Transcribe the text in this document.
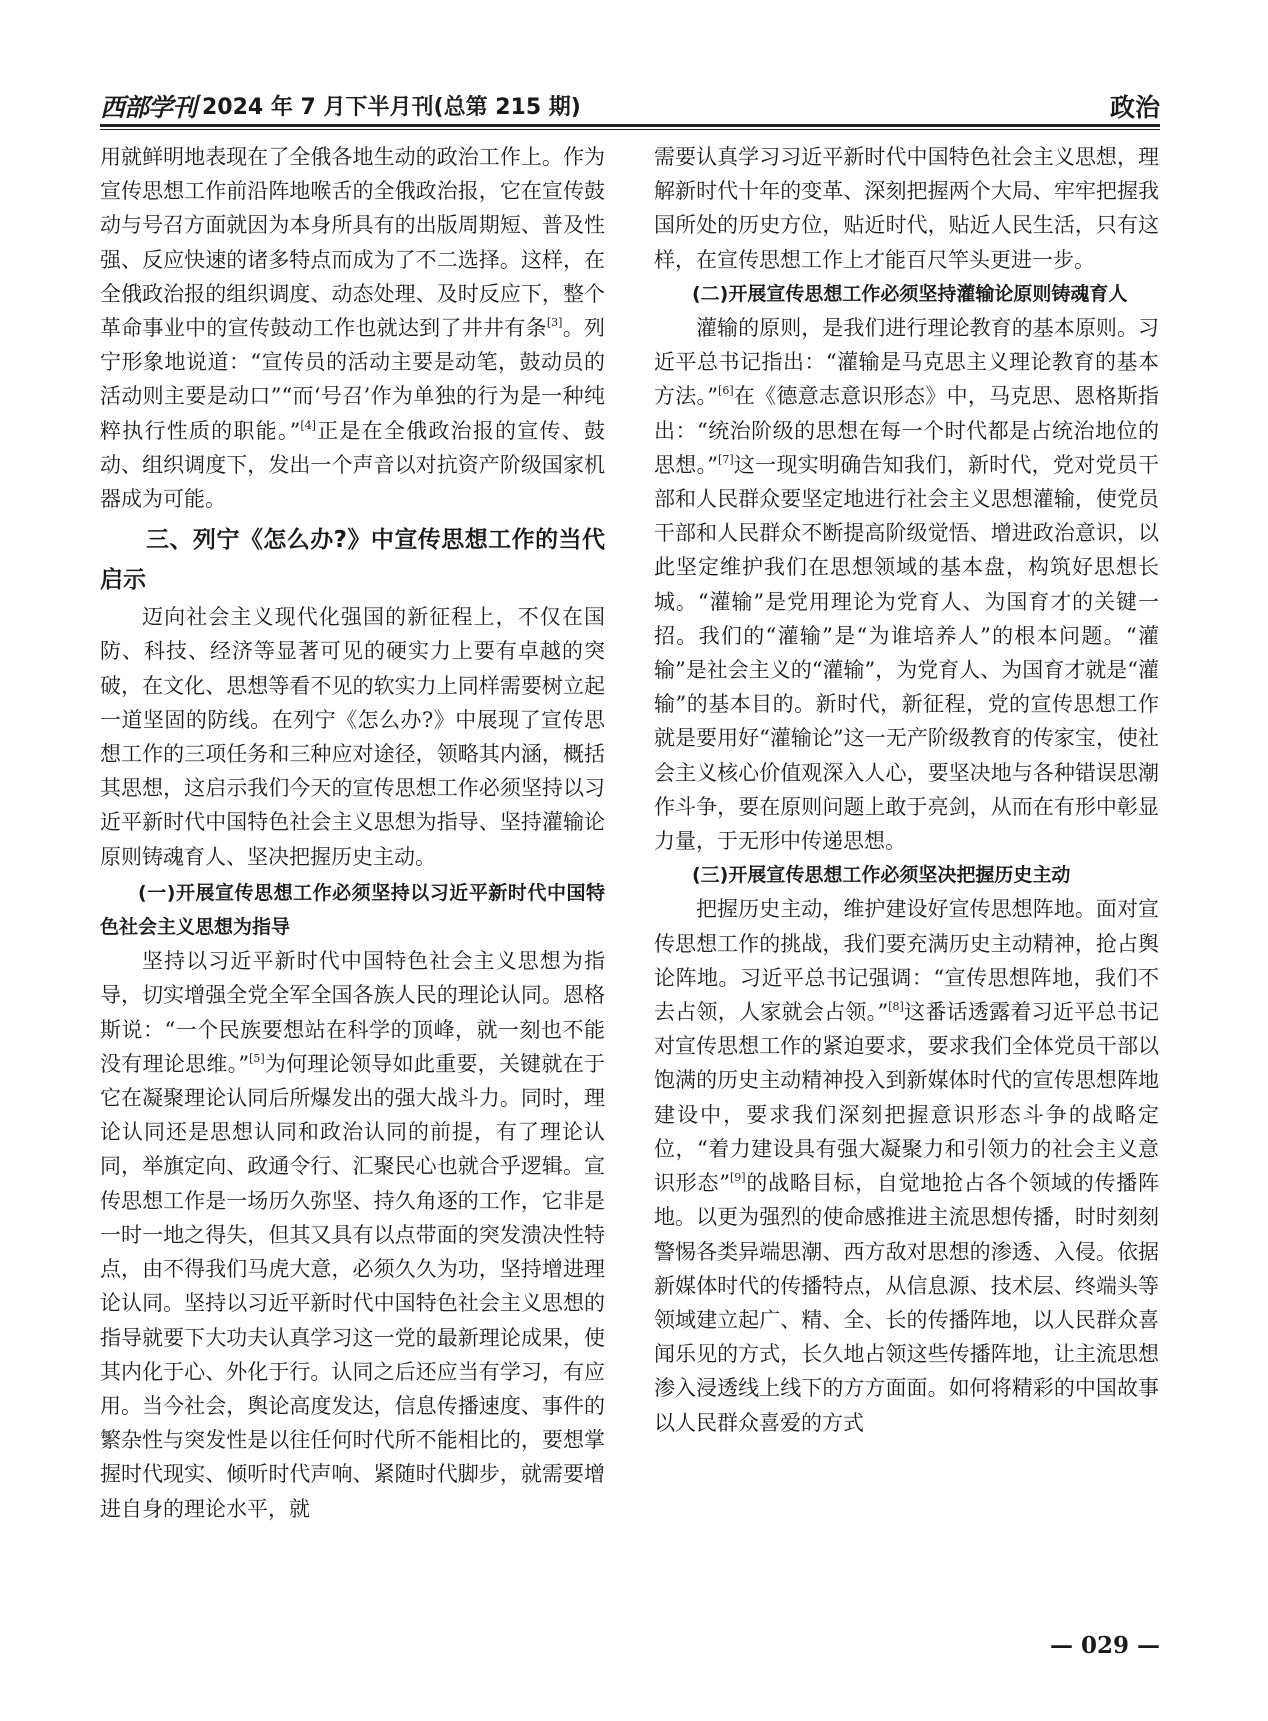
西部学刊 2024 年 7 月下半月刊(总第 215 期)	政治

用就鲜明地表现在了全俄各地生动的政治工作上。作为宣传思想工作前沿阵地喉舌的全俄政治报，它在宣传鼓动与号召方面就因为本身所具有的出版周期短、普及性强、反应快速的诸多特点而成为了不二选择。这样，在全俄政治报的组织调度、动态处理、及时反应下，整个革命事业中的宣传鼓动工作也就达到了井井有条[3]。列宁形象地说道：“宣传员的活动主要是动笔，鼓动员的活动则主要是动口”“而‘号召’作为单独的行为是一种纯粹执行性质的职能。”[4]正是在全俄政治报的宣传、鼓动、组织调度下，发出一个声音以对抗资产阶级国家机器成为可能。

三、列宁《怎么办?》中宣传思想工作的当代启示

迈向社会主义现代化强国的新征程上，不仅在国防、科技、经济等显著可见的硬实力上要有卓越的突破，在文化、思想等看不见的软实力上同样需要树立起一道坚固的防线。在列宁《怎么办?》中展现了宣传思想工作的三项任务和三种应对途径，领略其内涵，概括其思想，这启示我们今天的宣传思想工作必须坚持以习近平新时代中国特色社会主义思想为指导、坚持灌输论原则铸魂育人、坚决把握历史主动。

(一)开展宣传思想工作必须坚持以习近平新时代中国特色社会主义思想为指导

坚持以习近平新时代中国特色社会主义思想为指导，切实增强全党全军全国各族人民的理论认同。恩格斯说：“一个民族要想站在科学的顶峰，就一刻也不能没有理论思维。”[5]为何理论领导如此重要，关键就在于它在凝聚理论认同后所爆发出的强大战斗力。同时，理论认同还是思想认同和政治认同的前提，有了理论认同，举旗定向、政通令行、汇聚民心也就合乎逻辑。宣传思想工作是一场历久弥坚、持久角逐的工作，它非是一时一地之得失，但其又具有以点带面的突发溃决性特点，由不得我们马虎大意，必须久久为功，坚持增进理论认同。坚持以习近平新时代中国特色社会主义思想的指导就要下大功夫认真学习这一党的最新理论成果，使其内化于心、外化于行。认同之后还应当有学习，有应用。当今社会，舆论高度发达，信息传播速度、事件的繁杂性与突发性是以往任何时代所不能相比的，要想掌握时代现实、倾听时代声响、紧随时代脚步，就需要增进自身的理论水平，就

需要认真学习习近平新时代中国特色社会主义思想，理解新时代十年的变革、深刻把握两个大局、牢牢把握我国所处的历史方位，贴近时代，贴近人民生活，只有这样，在宣传思想工作上才能百尺竿头更进一步。

(二)开展宣传思想工作必须坚持灌输论原则铸魂育人

灌输的原则，是我们进行理论教育的基本原则。习近平总书记指出：“灌输是马克思主义理论教育的基本方法。”[6]在《德意志意识形态》中，马克思、恩格斯指出：“统治阶级的思想在每一个时代都是占统治地位的思想。”[7]这一现实明确告知我们，新时代，党对党员干部和人民群众要坚定地进行社会主义思想灌输，使党员干部和人民群众不断提高阶级觉悟、增进政治意识，以此坚定维护我们在思想领域的基本盘，构筑好思想长城。“灌输”是党用理论为党育人、为国育才的关键一招。我们的“灌输”是“为谁培养人”的根本问题。“灌输”是社会主义的“灌输”，为党育人、为国育才就是“灌输”的基本目的。新时代，新征程，党的宣传思想工作就是要用好“灌输论”这一无产阶级教育的传家宝，使社会主义核心价值观深入人心，要坚决地与各种错误思潮作斗争，要在原则问题上敢于亮剑，从而在有形中彰显力量，于无形中传递思想。

(三)开展宣传思想工作必须坚决把握历史主动

把握历史主动，维护建设好宣传思想阵地。面对宣传思想工作的挑战，我们要充满历史主动精神，抢占舆论阵地。习近平总书记强调：“宣传思想阵地，我们不去占领，人家就会占领。”[8]这番话透露着习近平总书记对宣传思想工作的紧迫要求，要求我们全体党员干部以饱满的历史主动精神投入到新媒体时代的宣传思想阵地建设中，要求我们深刻把握意识形态斗争的战略定位，“着力建设具有强大凝聚力和引领力的社会主义意识形态”[9]的战略目标，自觉地抢占各个领域的传播阵地。以更为强烈的使命感推进主流思想传播，时时刻刻警惕各类异端思潮、西方敌对思想的渗透、入侵。依据新媒体时代的传播特点，从信息源、技术层、终端头等领域建立起广、精、全、长的传播阵地，以人民群众喜闻乐见的方式，长久地占领这些传播阵地，让主流思想渗入浸透线上线下的方方面面。如何将精彩的中国故事以人民群众喜爱的方式

— 029 —
